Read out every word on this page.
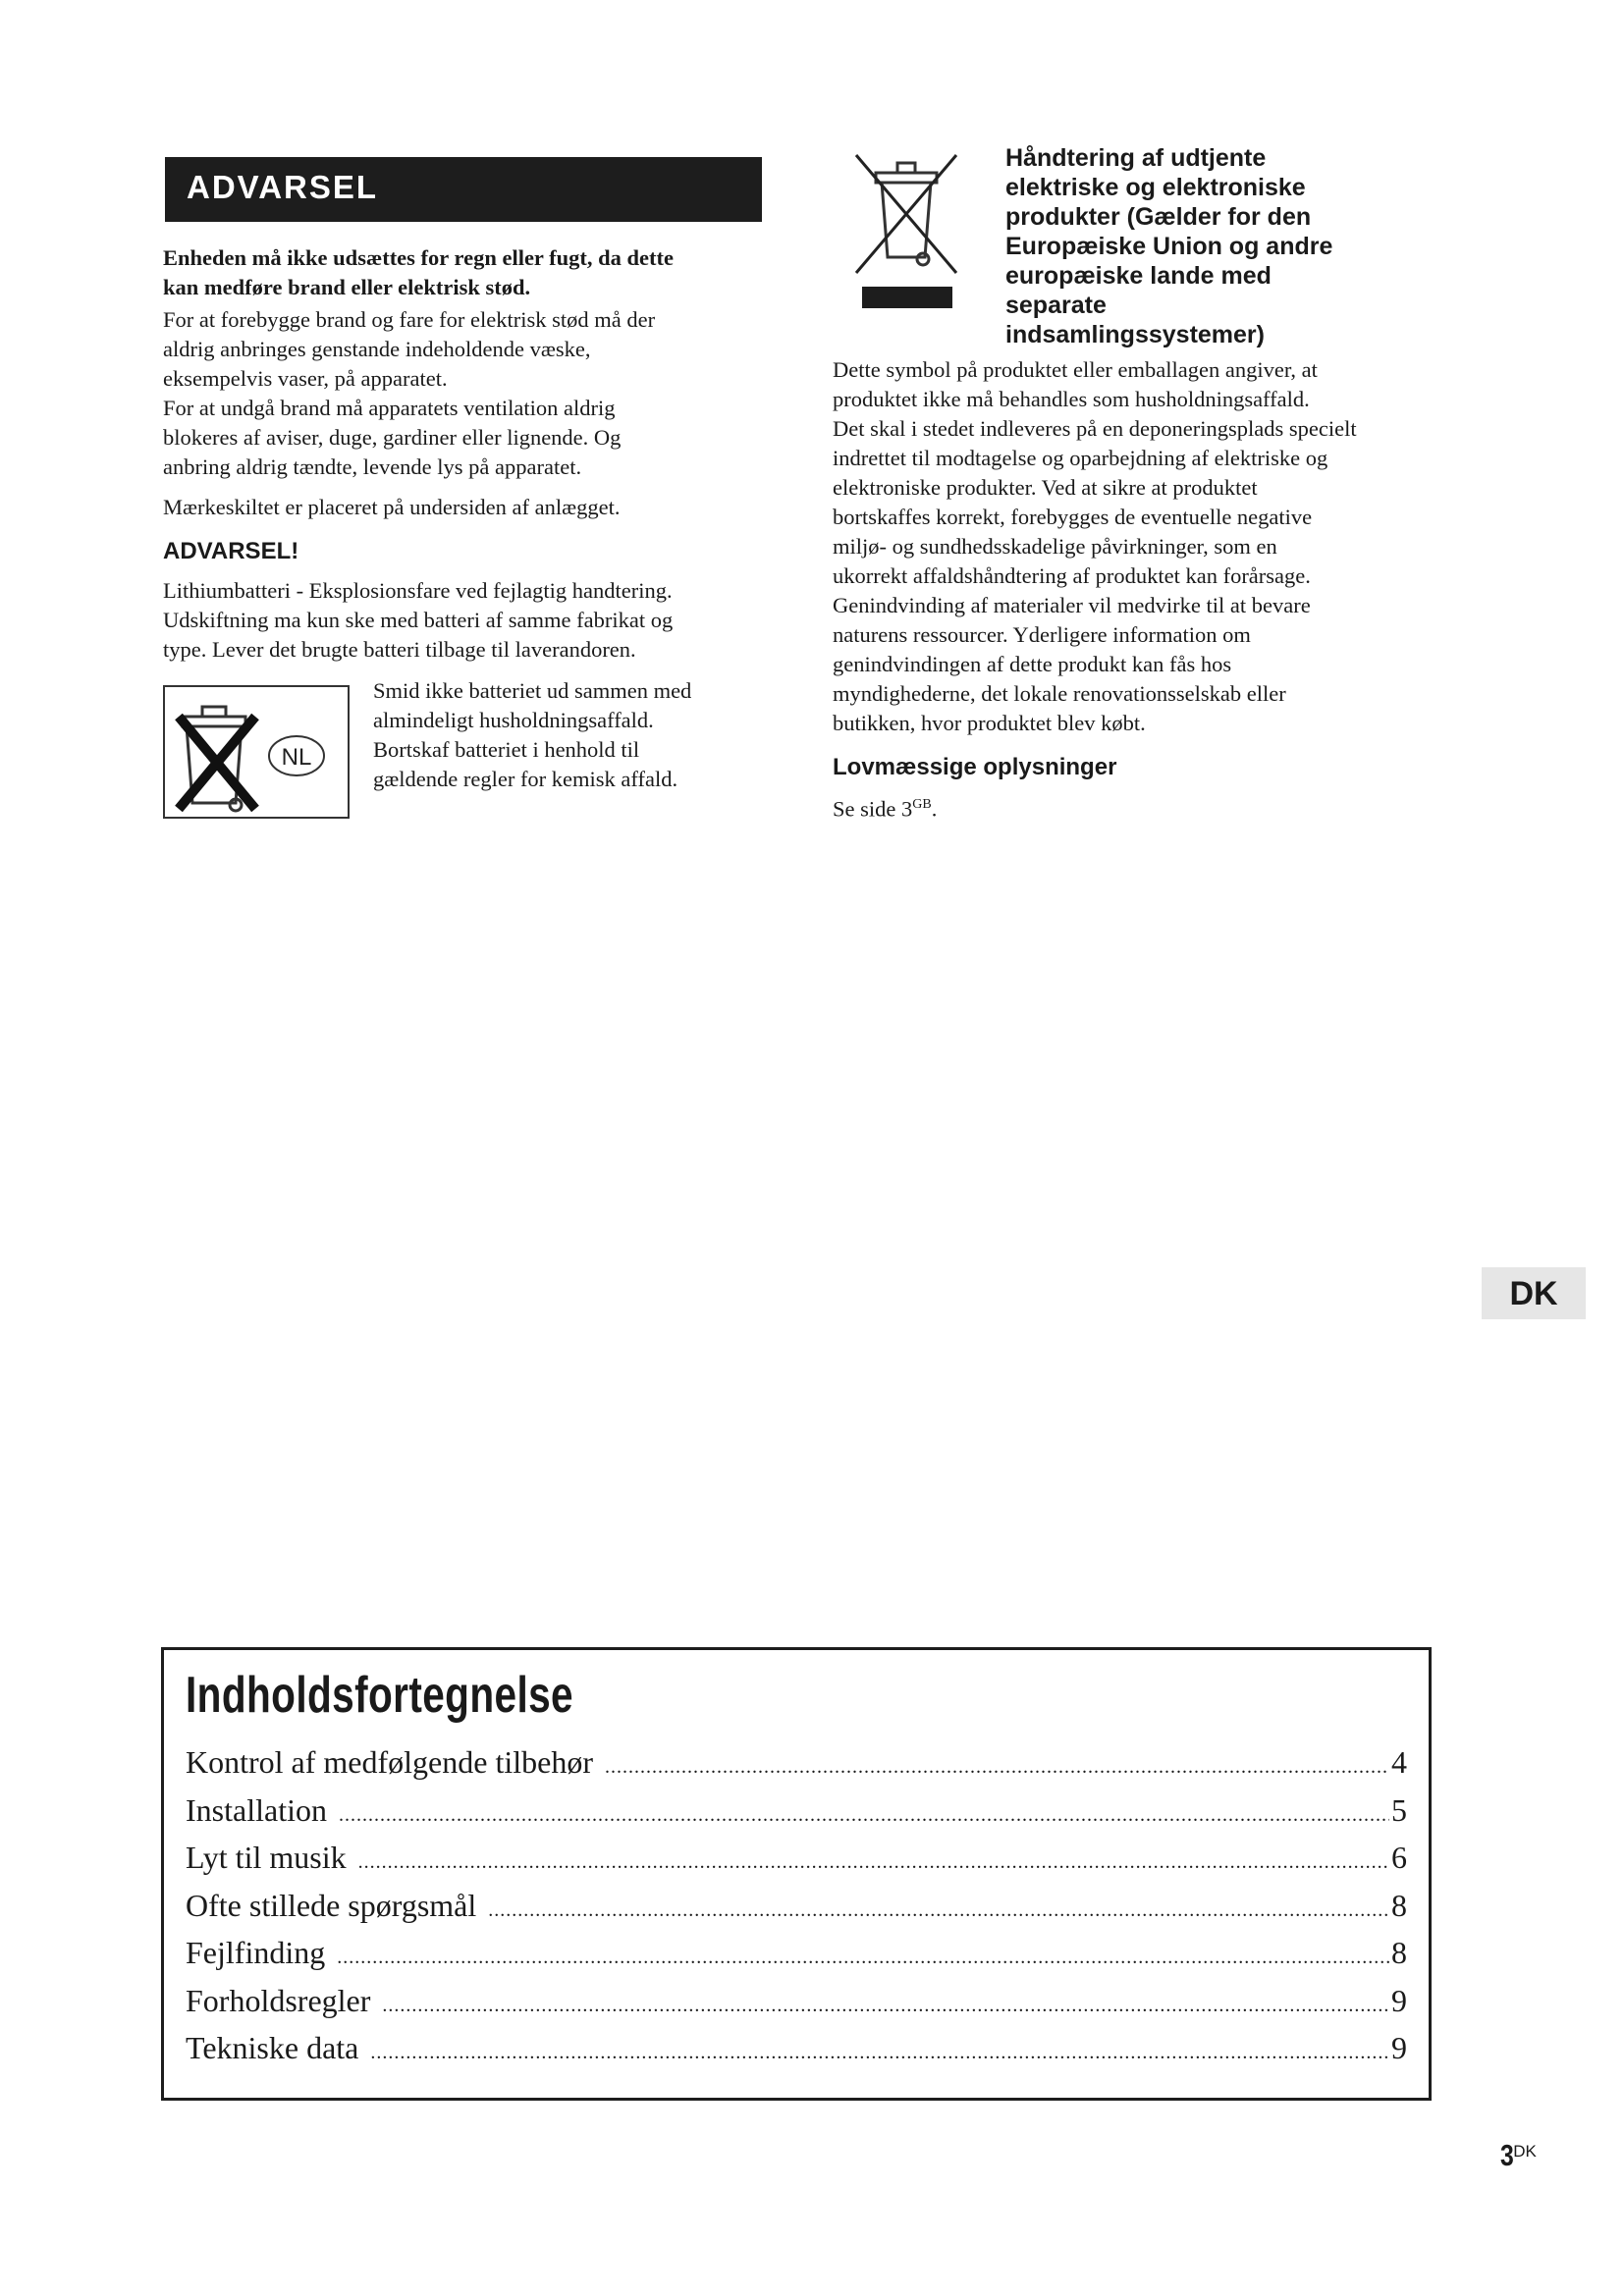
ADVARSEL
Enheden må ikke udsættes for regn eller fugt, da dette
kan medføre brand eller elektrisk stød.
For at forebygge brand og fare for elektrisk stød må der
aldrig anbringes genstande indeholdende væske,
eksempelvis vaser, på apparatet.
For at undgå brand må apparatets ventilation aldrig
blokeres af aviser, duge, gardiner eller lignende. Og
anbring aldrig tændte, levende lys på apparatet.
Mærkeskiltet er placeret på undersiden af anlægget.
ADVARSEL!
Lithiumbatteri - Eksplosionsfare ved fejlagtig handtering.
Udskiftning ma kun ske med batteri af samme fabrikat og
type. Lever det brugte batteri tilbage til laverandoren.
NL
Smid ikke batteriet ud sammen med
almindeligt husholdningsaffald.
Bortskaf batteriet i henhold til
gældende regler for kemisk affald.
Håndtering af udtjente
elektriske og elektroniske
produkter (Gælder for den
Europæiske Union og andre
europæiske lande med
separate
indsamlingssystemer)
Dette symbol på produktet eller emballagen angiver, at
produktet ikke må behandles som husholdningsaffald.
Det skal i stedet indleveres på en deponeringsplads specielt
indrettet til modtagelse og oparbejdning af elektriske og
elektroniske produkter. Ved at sikre at produktet
bortskaffes korrekt, forebygges de eventuelle negative
miljø- og sundhedsskadelige påvirkninger, som en
ukorrekt affaldshåndtering af produktet kan forårsage.
Genindvinding af materialer vil medvirke til at bevare
naturens ressourcer. Yderligere information om
genindvindingen af dette produkt kan fås hos
myndighederne, det lokale renovationsselskab eller
butikken, hvor produktet blev købt.
Lovmæssige oplysninger
Se side $3^{GB}$.
DK
Indholdsfortegnelse
Kontrol af medfølgende tilbehør .....	4
Installation .....	5
Lyt til musik .....	6
Ofte stillede spørgsmål .....	8
Fejlfinding .....	8
Forholdsregler .....	9
Tekniske data .....	9
3DK
